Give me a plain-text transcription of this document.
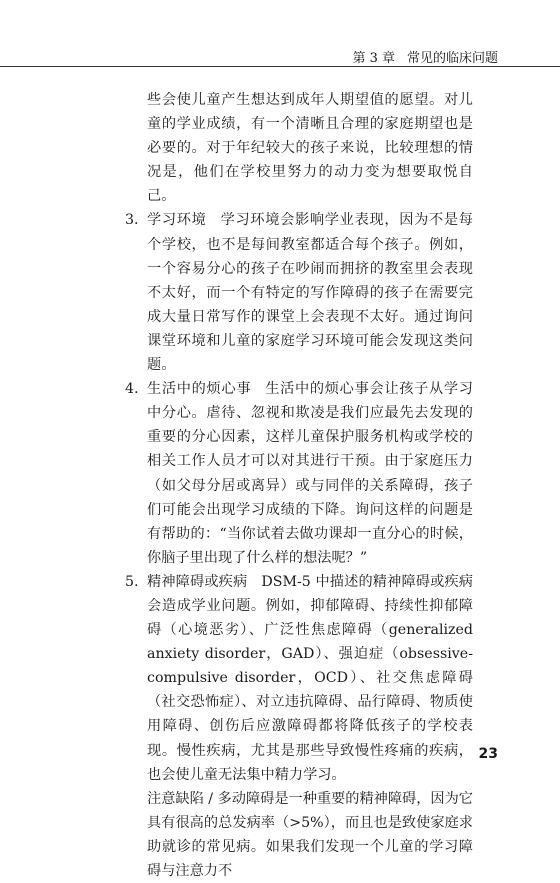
第 3 章 常见的临床问题

些会使儿童产生想达到成年人期望值的愿望。对儿童的学业成绩，有一个清晰且合理的家庭期望也是必要的。对于年纪较大的孩子来说，比较理想的情况是，他们在学校里努力的动力变为想要取悦自己。

3. 学习环境 学习环境会影响学业表现，因为不是每个学校，也不是每间教室都适合每个孩子。例如，一个容易分心的孩子在吵闹而拥挤的教室里会表现不太好，而一个有特定的写作障碍的孩子在需要完成大量日常写作的课堂上会表现不太好。通过询问课堂环境和儿童的家庭学习环境可能会发现这类问题。
4. 生活中的烦心事 生活中的烦心事会让孩子从学习中分心。虐待、忽视和欺凌是我们应最先去发现的重要的分心因素，这样儿童保护服务机构或学校的相关工作人员才可以对其进行干预。由于家庭压力（如父母分居或离异）或与同伴的关系障碍，孩子们可能会出现学习成绩的下降。询问这样的问题是有帮助的：“当你试着去做功课却一直分心的时候，你脑子里出现了什么样的想法呢？”
5. 精神障碍或疾病 DSM-5 中描述的精神障碍或疾病会造成学业问题。例如，抑郁障碍、持续性抑郁障碍（心境恶劣）、广泛性焦虑障碍（generalized anxiety disorder，GAD）、强迫症（obsessive-compulsive disorder，OCD）、社交焦虑障碍（社交恐怖症）、对立违抗障碍、品行障碍、物质使用障碍、创伤后应激障碍都将降低孩子的学校表现。慢性疾病，尤其是那些导致慢性疼痛的疾病，也会使儿童无法集中精力学习。

注意缺陷 / 多动障碍是一种重要的精神障碍，因为它具有很高的总发病率（>5%），而且也是致使家庭求助就诊的常见病。如果我们发现一个儿童的学习障碍与注意力不

23
